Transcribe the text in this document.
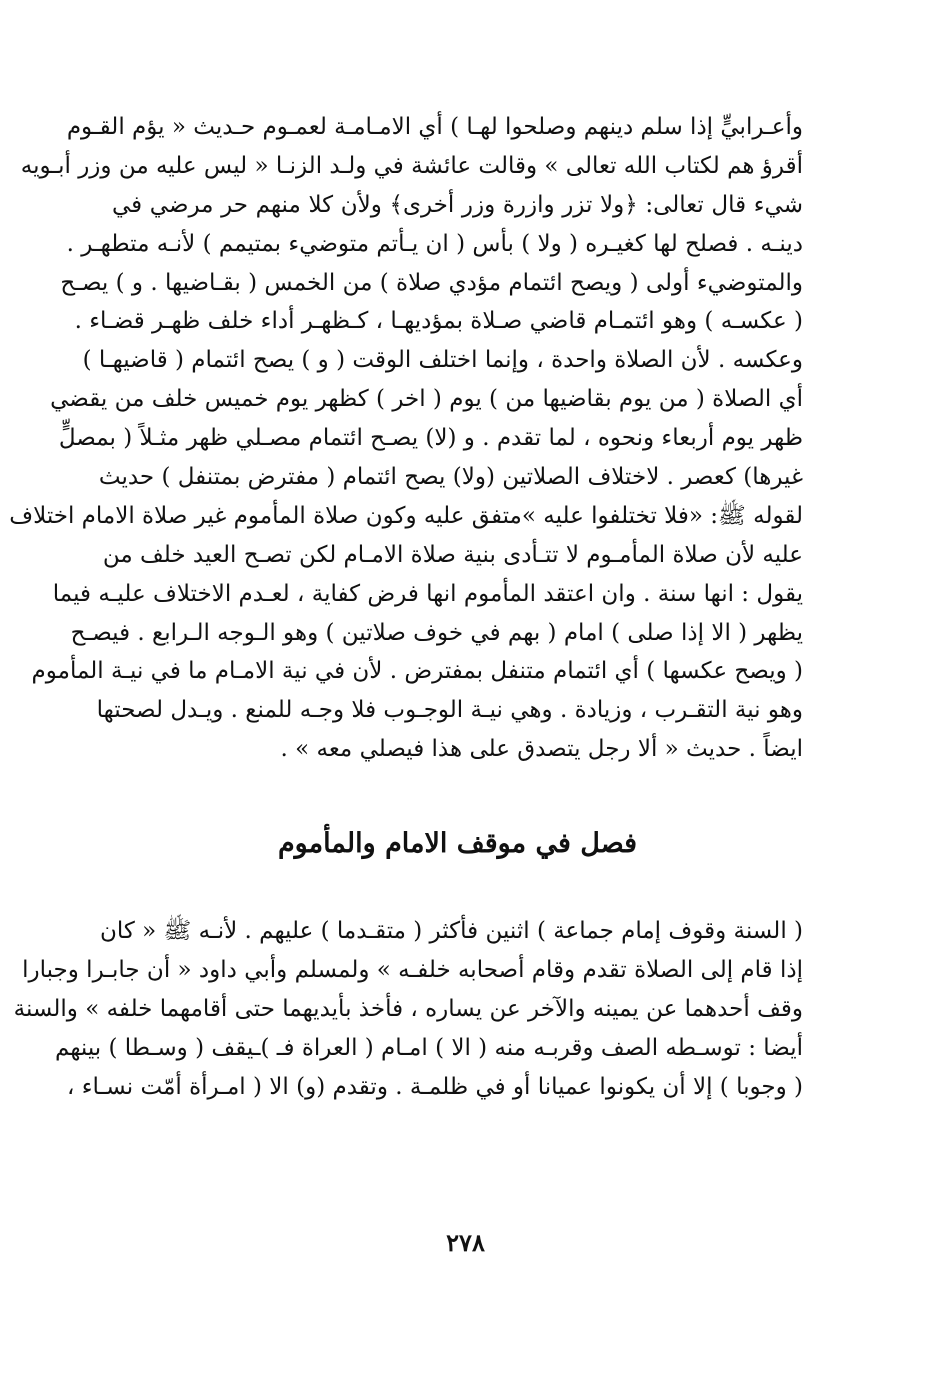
وأعـرابيٍّ إذا سلم دينهم وصلحوا لهـا ) أي الامـامـة لعمـوم حـديث « يؤم القـوم
أقرؤ هم لكتاب الله تعالى » وقالت عائشة في ولـد الزنـا « ليس عليه من وزر أبـويه
شيء قال تعالى: ﴿ولا تزر وازرة وزر أخرى﴾ ولأن كلا منهم حر مرضي في
دينـه . فصلح لها كغيـره ( ولا ) بأس ( ان يـأتم متوضيء بمتيمم ) لأنـه متطهـر .
والمتوضيء أولى ( ويصح ائتمام مؤدي صلاة ) من الخمس ( بقـاضيها . و ) يصـح
( عكسـه ) وهو ائتمـام قاضي صـلاة بمؤديهـا ، كـظهـر أداء خلف ظهـر قضـاء .
وعكسه . لأن الصلاة واحدة ، وإنما اختلف الوقت ( و ) يصح ائتمام ( قاضيهـا )
أي الصلاة ( من يوم بقاضيها من ) يوم ( اخر ) كظهر يوم خميس خلف من يقضي
ظهر يوم أربعاء ونحوه ، لما تقدم . و (لا) يصـح ائتمام مصـلي ظهر مثـلاً ( بمصلٍّ
غيرها) كعصر . لاختلاف الصلاتين (ولا) يصح ائتمام ( مفترض بمتنفل ) حديث
لقوله ﷺ: «فلا تختلفوا عليه »متفق عليه وكون صلاة المأموم غير صلاة الامام اختلاف
عليه لأن صلاة المأمـوم لا تتـأدى بنية صلاة الامـام لكن تصـح العيد خلف من
يقول : انها سنة . وان اعتقد المأموم انها فرض كفاية ، لعـدم الاختلاف عليـه فيما
يظهر ( الا إذا صلى ) امام ( بهم في خوف صلاتين ) وهو الـوجه الـرابع . فيصـح
( ويصح عكسها ) أي ائتمام متنفل بمفترض . لأن في نية الامـام ما في نيـة المأموم
وهو نية التقـرب ، وزيادة . وهي نيـة الوجـوب فلا وجـه للمنع . ويـدل لصحتها
ايضاً . حديث « ألا رجل يتصدق على هذا فيصلي معه » .
فصل في موقف الامام والمأموم
( السنة وقوف إمام جماعة ) اثنين فأكثر ( متقـدما ) عليهم . لأنـه ﷺ « كان
إذا قام إلى الصلاة تقدم وقام أصحابه خلفـه » ولمسلم وأبي داود « أن جابـرا وجبارا
وقف أحدهما عن يمينه والآخر عن يساره ، فأخذ بأيديهما حتى أقامهما خلفه » والسنة
أيضا : توسـطه الصف وقربـه منه ( الا ) امـام ( العراة فـ )ـيقف ( وسـطا ) بينهم
( وجوبا ) إلا أن يكونوا عميانا أو في ظلمـة . وتقدم (و) الا ( امـرأة أمّت نسـاء ،
٢٧٨
